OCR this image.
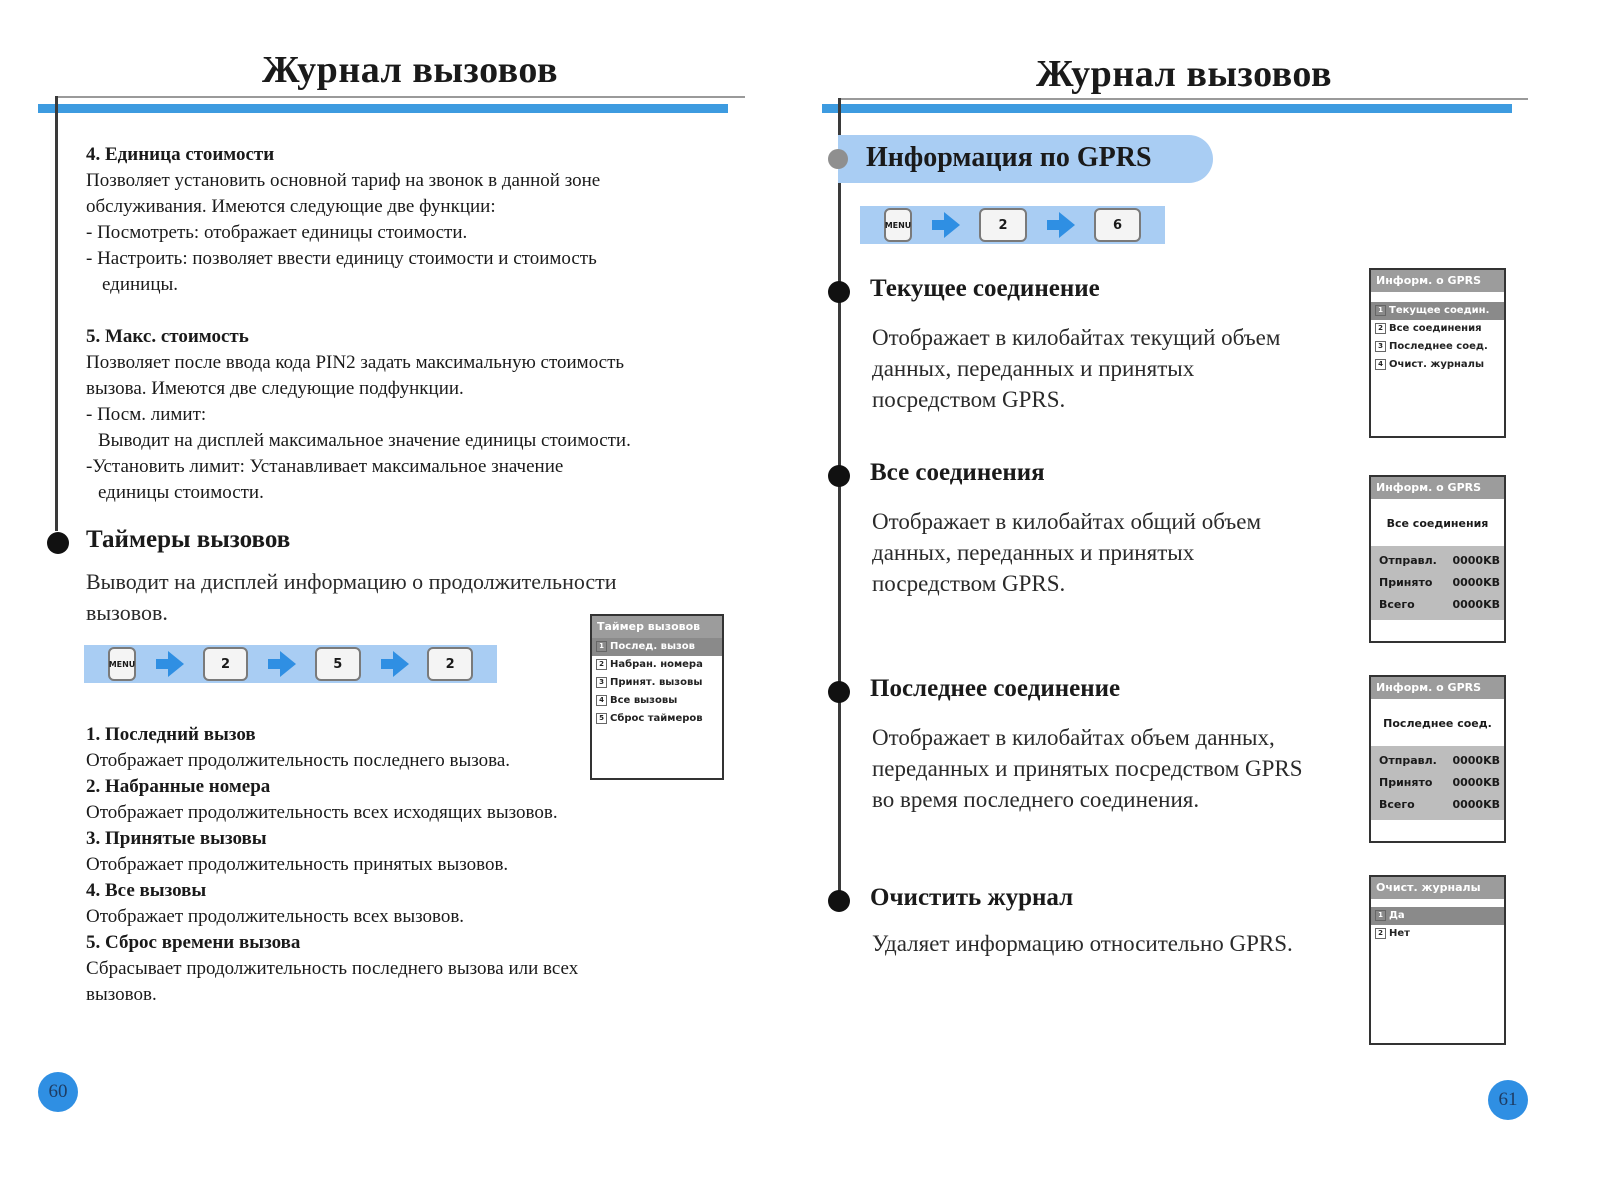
Журнал вызовов

4. Единица стоимости

Позволяет установить основной тариф на звонок в данной зоне

обслуживания. Имеются следующие две функции:

- Посмотреть: отображает единицы стоимости.

- Настроить: позволяет ввести единицу стоимости и стоимость

единицы.

5. Макс. стоимость

Позволяет после ввода кода PIN2 задать максимальную стоимость

вызова. Имеются две следующие подфункции.

- Посм. лимит:

Выводит на дисплей максимальное значение единицы стоимости.

-Установить лимит: Устанавливает максимальное значение

единицы стоимости.

Таймеры вызовов
Выводит на дисплей информацию о продолжительности
вызовов.
MENU	2	5	2
Таймер вызовов
1 Послед. вызов
2 Набран. номера
3 Принят. вызовы
4 Все вызовы
5 Сброс таймеров

1. Последний вызов

Отображает продолжительность последнего вызова.

2. Набранные номера

Отображает продолжительность всех исходящих вызовов.

3. Принятые вызовы

Отображает продолжительность принятых вызовов.

4. Все вызовы

Отображает продолжительность всех вызовов.

5. Сброс времени вызова

Сбрасывает продолжительность последнего вызова или всех

вызовов.

60
Журнал вызовов
Информация по GPRS
MENU	2	6
Текущее соединение
Отображает в килобайтах текущий объем
данных, переданных и принятых
посредством GPRS.
Информ. о GPRS
1 Текущее соедин.
2 Все соединения
3 Последнее соед.
4 Очист. журналы
Все соединения
Отображает в килобайтах общий объем
данных, переданных и принятых
посредством GPRS.
Информ. о GPRS
Все соединения
Отправл. 0000KB
Принято 0000KB
Всего	0000KB
Последнее соединение
Отображает в килобайтах объем данных,
переданных и принятых посредством GPRS
во время последнего соединения.
Информ. о GPRS
Последнее соед.
Отправл. 0000KB
Принято 0000KB
Всего	0000KB
Очистить журнал
Удаляет информацию относительно GPRS.
Очист. журналы
1 Да
2 Нет
61
